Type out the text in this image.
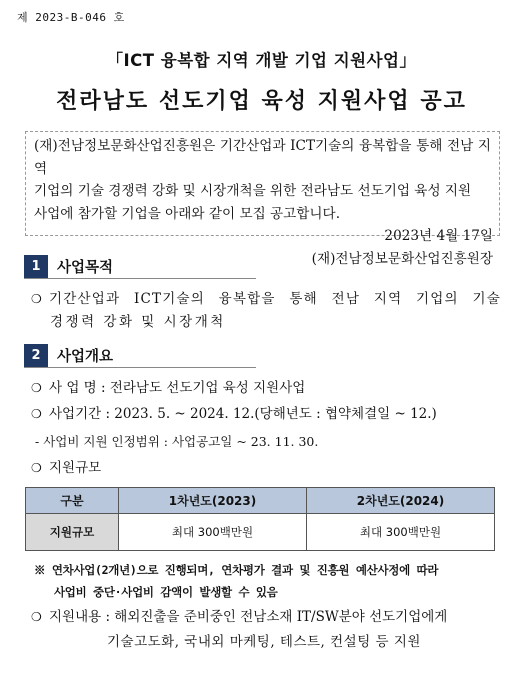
제 2023-B-046 호
「ICT 융복합 지역 개발 기업 지원사업」
전라남도 선도기업 육성 지원사업 공고
(재)전남정보문화산업진흥원은 기간산업과 ICT기술의 융복합을 통해 전남 지역
기업의 기술 경쟁력 강화 및 시장개척을 위한 전라남도 선도기업 육성 지원
사업에 참가할 기업을 아래와 같이 모집 공고합니다.
2023년 4월 17일
(재)전남정보문화산업진흥원장
1	사업목적
❍ 기간산업과 ICT기술의 융복합을 통해 전남 지역 기업의 기술
경쟁력 강화 및 시장개척
2	사업개요
❍ 사 업 명 : 전라남도 선도기업 육성 지원사업
❍ 사업기간 : 2023. 5. ~ 2024. 12.(당해년도 : 협약체결일 ~ 12.)
- 사업비 지원 인정범위 : 사업공고일 ~ 23. 11. 30.
❍ 지원규모
구분	1차년도(2023)	2차년도(2024)
지원규모	최대 300백만원	최대 300백만원
※ 연차사업(2개년)으로 진행되며, 연차평가 결과 및 진흥원 예산사정에 따라
사업비 중단·사업비 감액이 발생할 수 있음
❍ 지원내용 : 해외진출을 준비중인 전남소재 IT/SW분야 선도기업에게
기술고도화, 국내외 마케팅, 테스트, 컨설팅 등 지원
